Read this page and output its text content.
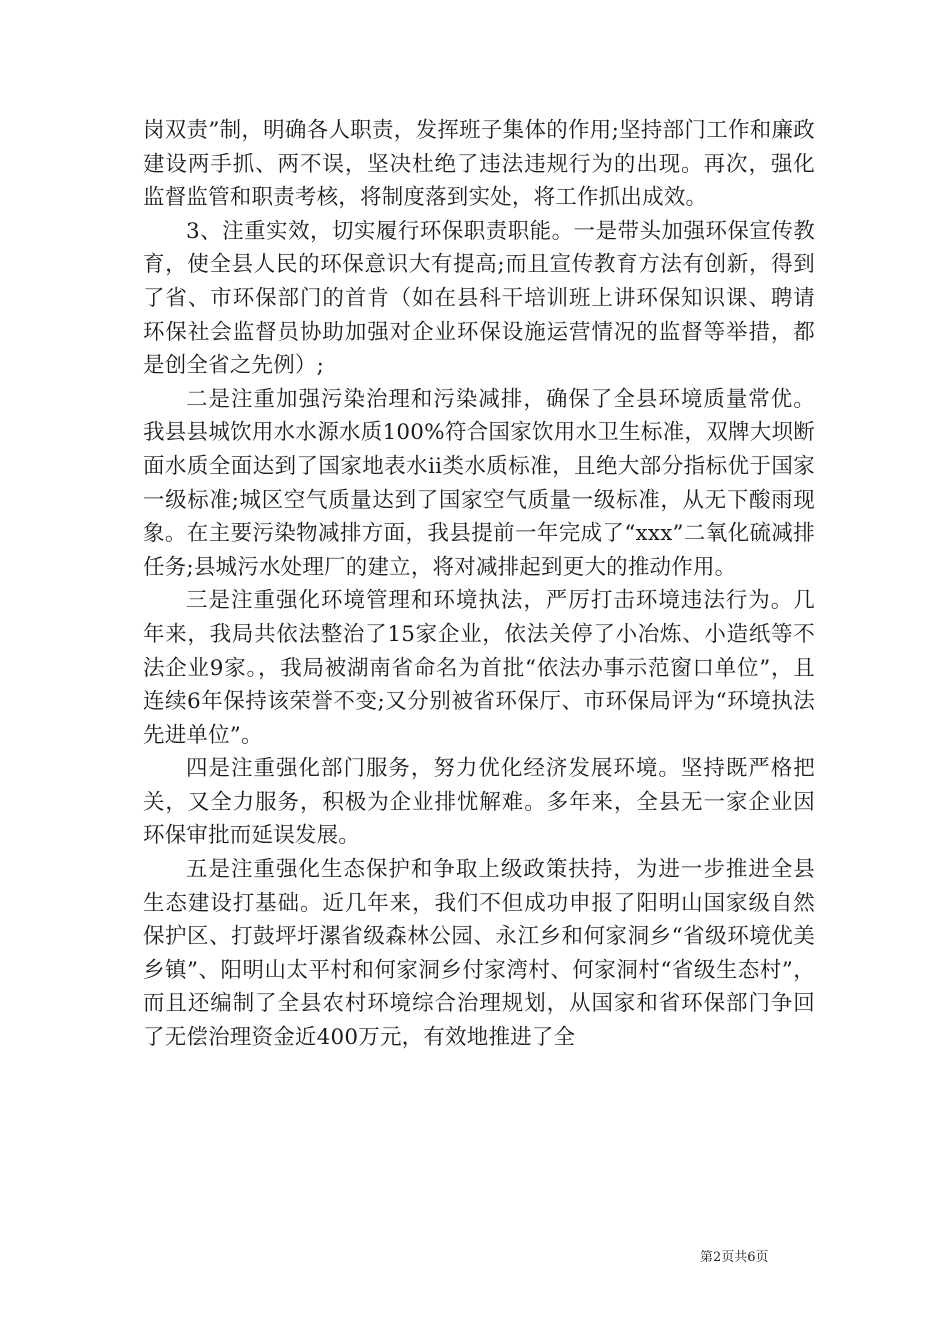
岗双责”制，明确各人职责，发挥班子集体的作用;坚持部门工作和廉政建设两手抓、两不误，坚决杜绝了违法违规行为的出现。再次，强化监督监管和职责考核，将制度落到实处，将工作抓出成效。

3、注重实效，切实履行环保职责职能。一是带头加强环保宣传教育，使全县人民的环保意识大有提高;而且宣传教育方法有创新，得到了省、市环保部门的首肯（如在县科干培训班上讲环保知识课、聘请环保社会监督员协助加强对企业环保设施运营情况的监督等举措，都是创全省之先例）;

二是注重加强污染治理和污染减排，确保了全县环境质量常优。我县县城饮用水水源水质100%符合国家饮用水卫生标准，双牌大坝断面水质全面达到了国家地表水ii类水质标准，且绝大部分指标优于国家一级标准;城区空气质量达到了国家空气质量一级标准，从无下酸雨现象。在主要污染物减排方面，我县提前一年完成了“xxx”二氧化硫减排任务;县城污水处理厂的建立，将对减排起到更大的推动作用。

三是注重强化环境管理和环境执法，严厉打击环境违法行为。几年来，我局共依法整治了15家企业，依法关停了小冶炼、小造纸等不法企业9家。，我局被湖南省命名为首批“依法办事示范窗口单位”，且连续6年保持该荣誉不变;又分别被省环保厅、市环保局评为“环境执法先进单位”。

四是注重强化部门服务，努力优化经济发展环境。坚持既严格把关，又全力服务，积极为企业排忧解难。多年来，全县无一家企业因环保审批而延误发展。

五是注重强化生态保护和争取上级政策扶持，为进一步推进全县生态建设打基础。近几年来，我们不但成功申报了阳明山国家级自然保护区、打鼓坪圩漯省级森林公园、永江乡和何家洞乡“省级环境优美乡镇”、阳明山太平村和何家洞乡付家湾村、何家洞村“省级生态村”，而且还编制了全县农村环境综合治理规划，从国家和省环保部门争回了无偿治理资金近400万元，有效地推进了全

第2页共6页
